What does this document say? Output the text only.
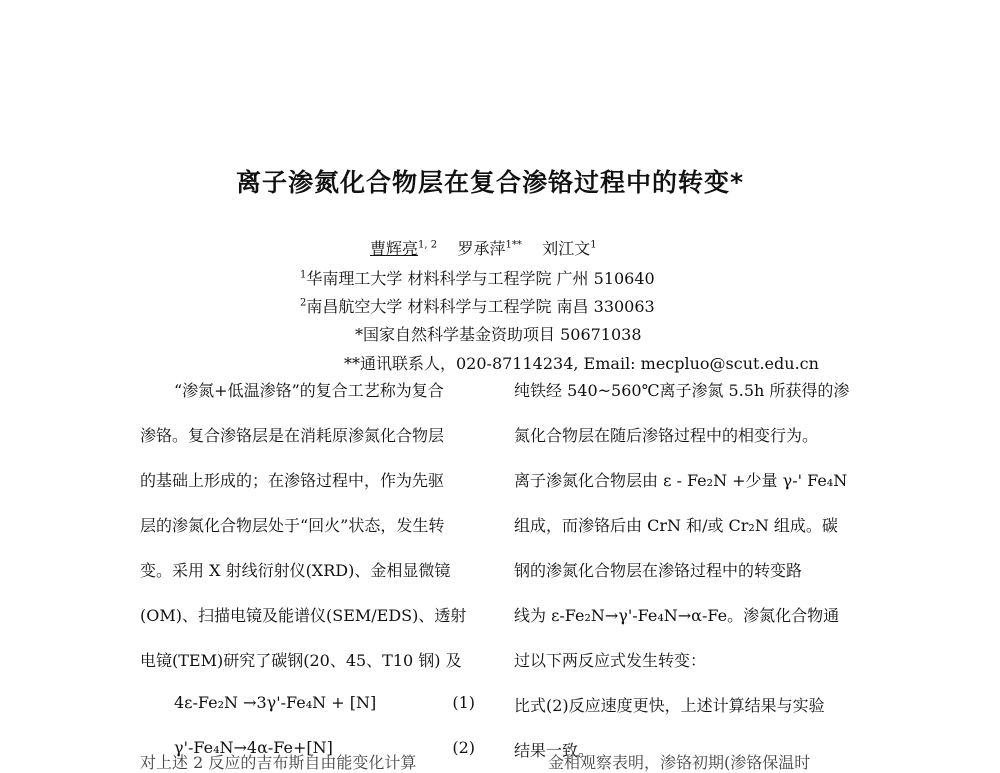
离子渗氮化合物层在复合渗铬过程中的转变*
曹辉亮$^{1, 2}$ 罗承萍$^{1**}$ 刘江文$^1$
$^1$华南理工大学 材料科学与工程学院 广州 510640
$^2$南昌航空大学 材料科学与工程学院 南昌 330063
*国家自然科学基金资助项目 50671038
**通讯联系人，020-87114234, Email: mecpluo@scut.edu.cn
“渗氮+低温渗铬”的复合工艺称为复合
渗铬。复合渗铬层是在消耗原渗氮化合物层
的基础上形成的；在渗铬过程中，作为先驱
层的渗氮化合物层处于“回火”状态，发生转
变。采用 X 射线衍射仪(XRD)、金相显微镜
(OM)、扫描电镜及能谱仪(SEM/EDS)、透射
电镜(TEM)研究了碳钢(20、45、T10 钢) 及
4ε-Fe₂N →3γ'-Fe₄N + [N]	(1)
γ'-Fe₄N→4α-Fe+[N]	(2)
对上述 2 反应的吉布斯自由能变化计算
纯铁经 540~560℃离子渗氮 5.5h 所获得的渗
氮化合物层在随后渗铬过程中的相变行为。
离子渗氮化合物层由 ε - Fe₂N +少量 γ-' Fe₄N
组成，而渗铬后由 CrN 和/或 Cr₂N 组成。碳
钢的渗氮化合物层在渗铬过程中的转变路
线为 ε-Fe₂N→γ'-Fe₄N→α-Fe。渗氮化合物通
过以下两反应式发生转变：
比式(2)反应速度更快，上述计算结果与实验
结果一致。
金相观察表明，渗铬初期(渗铬保温时
